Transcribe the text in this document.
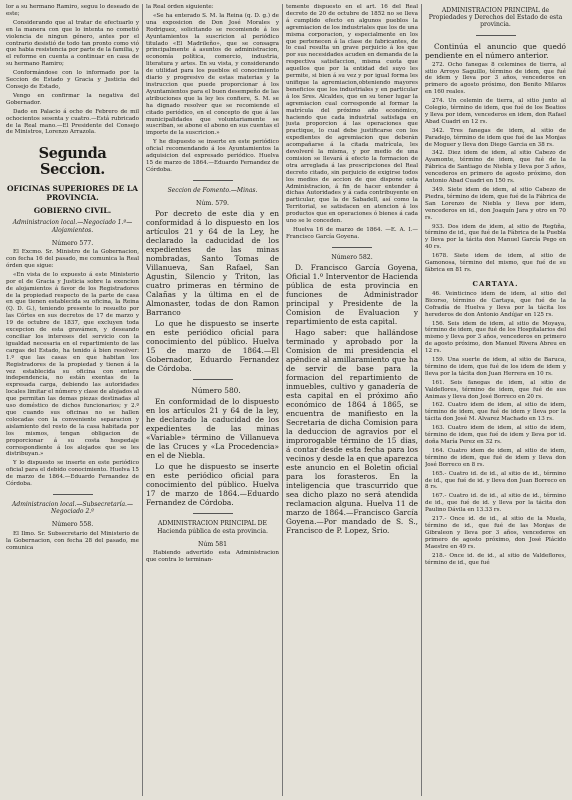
lor a su hermano Ramiro, seguu lo deseado de este;

Considerando que al tratar de efectuarlo y en la manera con que lo intenta no cometió violencia de ningun género, antes por el contrario desistió de todo tan pronto como vió que habia resistencia por parte de la familia, y el reforme en cuenta a continuar en casa de su hermano Ramiro;

Conformándose con lo informado por la Seccion de Estado y Gracia y Justicia del Consejo de Estado,

Vengo en confirmar la negativa del Gobernador.

Dado en Palacio á ocho de Febrero de mil ochocientos sesenta y cuatro.—Está rubricado de la Real mano.—El Presidente del Consejo de Ministros, Lorenzo Arrazola.

Segunda Seccion.
OFICINAS SUPERIORES DE LA PROVINCIA.
GOBIERNO CIVIL.

Administracion local.—Negociado 1.º—Alojamientos.

Número 577.

El Excmo. Sr. Ministro de la Gobernacion, con fecha 16 del pasado, me comunica la Real órden que sigue:

«En vista de lo expuesto á este Ministerio por el de Gracia y Justicia sobre la exencion de alojamientos á favor de los Registradores de la propiedad respecto de la parte de casa en que tienen establecida su oficina, la Reina (Q. D. G.), teniendo presente lo resuelto por las Córtes en sus decretos de 17 de marzo y 19 de octubre de 1837, que excluyen toda excepcion de esta gravámen, y deseando conciliar los intereses del servicio con la igualdad necesaria en el repartimiento de las cargas del Estado, ha tenido á bien resolver: 1.º que las casas en que habitan los Registradores de la propiedad y tienen á la vez establecida su oficina con entera independencia, no están exentas de la expresada carga, debiendo las autoridades locales limitar el número y clase de alojados al que permitan las demas piezas destinadas al uso doméstico de dichos funcionarios; y 2.º que cuando sus oficinas no se hallen colocadas con la conveniente separacion y aislamiento del resto de la casa habitada por los mismos, tengan obligacion de proporcionar á su costa hospedaje correspondiente á los alojados que se les distribuyan.»

Y lo dispuesto se inserte en este periódico oficial para el debido conocimiento. Huelva 15 de marzo de 1864.—Eduardo Fernandez de Córdoba.

Administracion local.—Subsecretaría.—Negociado 2.º

Número 558.

El Ilmo. Sr. Subsecretario del Ministerio de la Gobernacion, con fecha 28 del pasado, me comunica

la Real órden siguiente:

«Se ha enterado S. M. la Reina (q. D. g.) de una exposicion de Don José Morales y Rodriguez, solicitando se recomiende á los Ayuntamientos la suscricion al periódico titulado «El Madrileño», que se consagra principalmente á asuntos de administracion, economía política, comercio, industria, literatura y artes. En su vista, y considerando de utilidad para los pueblos el conocimiento diario y progresivo de estas materias y la instruccion que puede proporcionar á los Ayuntamientos para el buen desempeño de las atribuciones que la ley les confiere, S. M. se ha dignado resolver que se recomiende el citado periódico, en el concepto de que á las municipalidades que voluntariamente se suscriban, se abone el abono en sus cuentas el importe de la suscricion.»

Y he dispuesto se inserte en este periódico oficial recomendando á los Ayuntamientos la adquisicion del expresado periódico. Huelva 15 de marzo de 1864.—Eduardo Fernandez de Córdoba.

Seccion de Fomento.—Minas.

Núm. 579.

Por decreto de este dia y en conformidad á lo dispuesto en los artículos 21 y 64 de la Ley, he declarado la caducidad de los expedientes de las minas nombradas, Santo Tomas de Villanueva, San Rafael, San Agustin, Silencio y Triton, las cuatro primeras en término de Calañas y la última en el de Almonaster, todas de don Ramon Barranco

Lo que he dispuesto se inserte en este periódico oficial para conocimiento del público. Huelva 15 de marzo de 1864.—El Gobernador, Eduardo Fernandez de Córdoba.

Número 580.

En conformidad de lo dispuesto en los artículos 21 y 64 de la ley, he declarado la caducidad de los expedientes de las minas «Variable» término de Villanueva de las Cruces y «La Procedencia» en el de Niebla.

Lo que he dispuesto se inserte en este periódico oficial para conocimiento del público. Huelva 17 de marzo de 1864.—Eduardo Fernandez de Córdoba.

ADMINISTRACION PRINCIPAL DE Hacienda pública de esta provincia.

Núm 581

Habiendo advertido esta Administracion que contra lo terminan-

temente dispuesto en el art. 16 del Real decreto de 20 de octubre de 1852 no se lleva á cumplido efecto en algunos pueblos la agremiacion de los industriales que los de una misma corporacion, y especialmente en los que pertenecen á la clase de fabricantes, de lo cual resulta un grave perjuicio á los que por sus necesidades acuden en demanda de la respectiva satisfaccion, misma cuota que aquellos que por la entidad del suyo les permite, si bien á su vez y por igual forma les unifique la agremiacion,obteniendo mayores beneficios que los industriales y en particular á los Sres. Alcaldes, que en su tener lugar la agremiacion cual corresponde al formar la matrícula del próximo año económico, haciendo que cada industrial satisfaga en justa proporcion á las operaciones que practique, lo cual debe justificarse con los expedientes de agremiacion que deberán acompañarse á la citada matrícula, les devolveré la misma, y por medio de una comision se llevará á efecto la formacion de otra arreglada á las prescripciones del Real decreto citado, sin perjuicio de exigirse todos los medios de accion de que dispone esta Administracion, á fin de hacer entender á dichas Autoridades y á cada contribuyente en particular, que la de Sabadell, así como la Territorial, se satisfacen en atencion á los productos que en operaciones ó bienes á cada uno se le conceden.

Huelva 16 de marzo de 1864. —E. A. I.—Francisco García Goyena.

Número 582.

D. Francisco García Goyena, Oficial 1.º Interventor de Hacienda pública de esta provincia en funciones de Administrador principal y Presidente de la Comision de Evaluacion y repartimiento de esta capital.

Hago saber: que hallándose terminado y aprobado por la Comision de mi presidencia el apéndice al amillaramiento que ha de servir de base para la formacion del repartimiento de inmuebles, cultivo y ganadería de esta capital en el próximo año económico de 1864 á 1865, se encuentra de manifiesto en la Secretaria de dicha Comision para la deduccion de agravios por el improrogable término de 15 dias, á contar desde esta fecha para los vecinos y desde la en que aparezca este anuncio en el Boletin oficial para los forasteros. En la inteligencia que trascurrido que sea dicho plazo no será atendida reclamacion alguna. Huelva 11 de marzo de 1864.—Francisco García Goyena.—Por mandado de S. S., Francisco de P. Lopez, Srio.

ADMINISTRACION PRINCIPAL de Propiedades y Derechos del Estado de esta provincia.

Continúa el anuncio que quedó pendiente en el número anterior.

272. Ocho fanegas 8 celemines de tierra, al sitio Arroyo Saguillo, término de idem, que fué de idem y lleva por 3 años, vencederos en primero de agosto próximo, don Benito Milaros en 160 reales.

274. Un celemin de tierra, al sitio junto al Colegio, término de idem, que fué de los Beatios y lleva por idem, vencederos en idem, don Rafael Abad Cuadri en 12 rs.

342. Tres fanegas de idem, al sitio de Paradejo, término de idem que fué de las Monjas de Moguer y lleva don Diego Garcia en 38 rs.

342. Diez idem de idem, al sitio Cabezo de Ayamonte, término de idem, que fué de la Fábrica de Santiago de Niebla y lleva por 3 años, vencederos en primero de agosto próximo, don Antonio Abad Cuadri en 150 rs.

349. Siete idem de idem, al sitio Cabezo de Piedra, término de idem, que fué de la Fábrica de San Lorenzo de Niebla y lleva por idem, vencederos en id., don Joaquín Jara y otro en 70 rs.

933. Dos idem de idem, al sitio de Regüña, término de id., que fué de la Fábrica de la Puebla y lleva por la tácita don Manuel García Pego en 40 rs.

1678. Siete idem de idem, al sitio de Gamonosa, término del mismo, que fué de su fábrica en 81 rs.

CARTAYA.

46. Veinticinco idem de idem, al sitio del Bicorso, término de Cartaya, que fué de la Cofradía de Huelva y lleva por la tácita los herederos de don Antonio Andújar en 125 rs.

156. Seis idem de idem, al sitio de Moyaya, término de idem, que fué de los Hospitalarios del mismo y lleva por 3 años, vencederos en primero de agosto próximo, don Manuel Rivera Abreu en 12 rs.

159. Una suerte de idem, al sitio de Baruca, término de idem, que fué de los idem de idem y lleva por la tácita don Juan Herrera en 10 rs.

161. Seis fanegas de idem, al sitio de Valdeflores, término de idem, que fué de sus Animas y lleva don José Borreco en 20 rs.

162. Cuatro idem de idem, al sitio de idem, término de idem, que fué de idem y lleva por la tácita don José M. Alvarez Machado en 13 rs.

163. Cuatro idem de idem, al sitio de idem, término de idem, que fué de idem y lleva por id. doña María Perez en 32 rs.

164. Cuatro idem de idem, al sitio de idem, término de idem, que fué de idem y lleva don José Borreco en 8 rs.

165.- Cuatro id. de id., al sitio de id., término de id., que fué de id. y lleva don Juan Borreco en 8 rs.

167.- Cuatro id. de id., al sitio de id., término de id., que fué de id. y lleva por la tácita don Paulino Dávila en 13.33 rs.

217.- Once id. de id., al sitio de la Muela, término de id., que fué de las Monjas de Gibraleon y lleva por 3 años, vencederos en primero de agosto próximo, don José Plácido Maestre en 49 rs.

218.- Once id. de id., al sitio de Valdeflores, término de id., que fué
